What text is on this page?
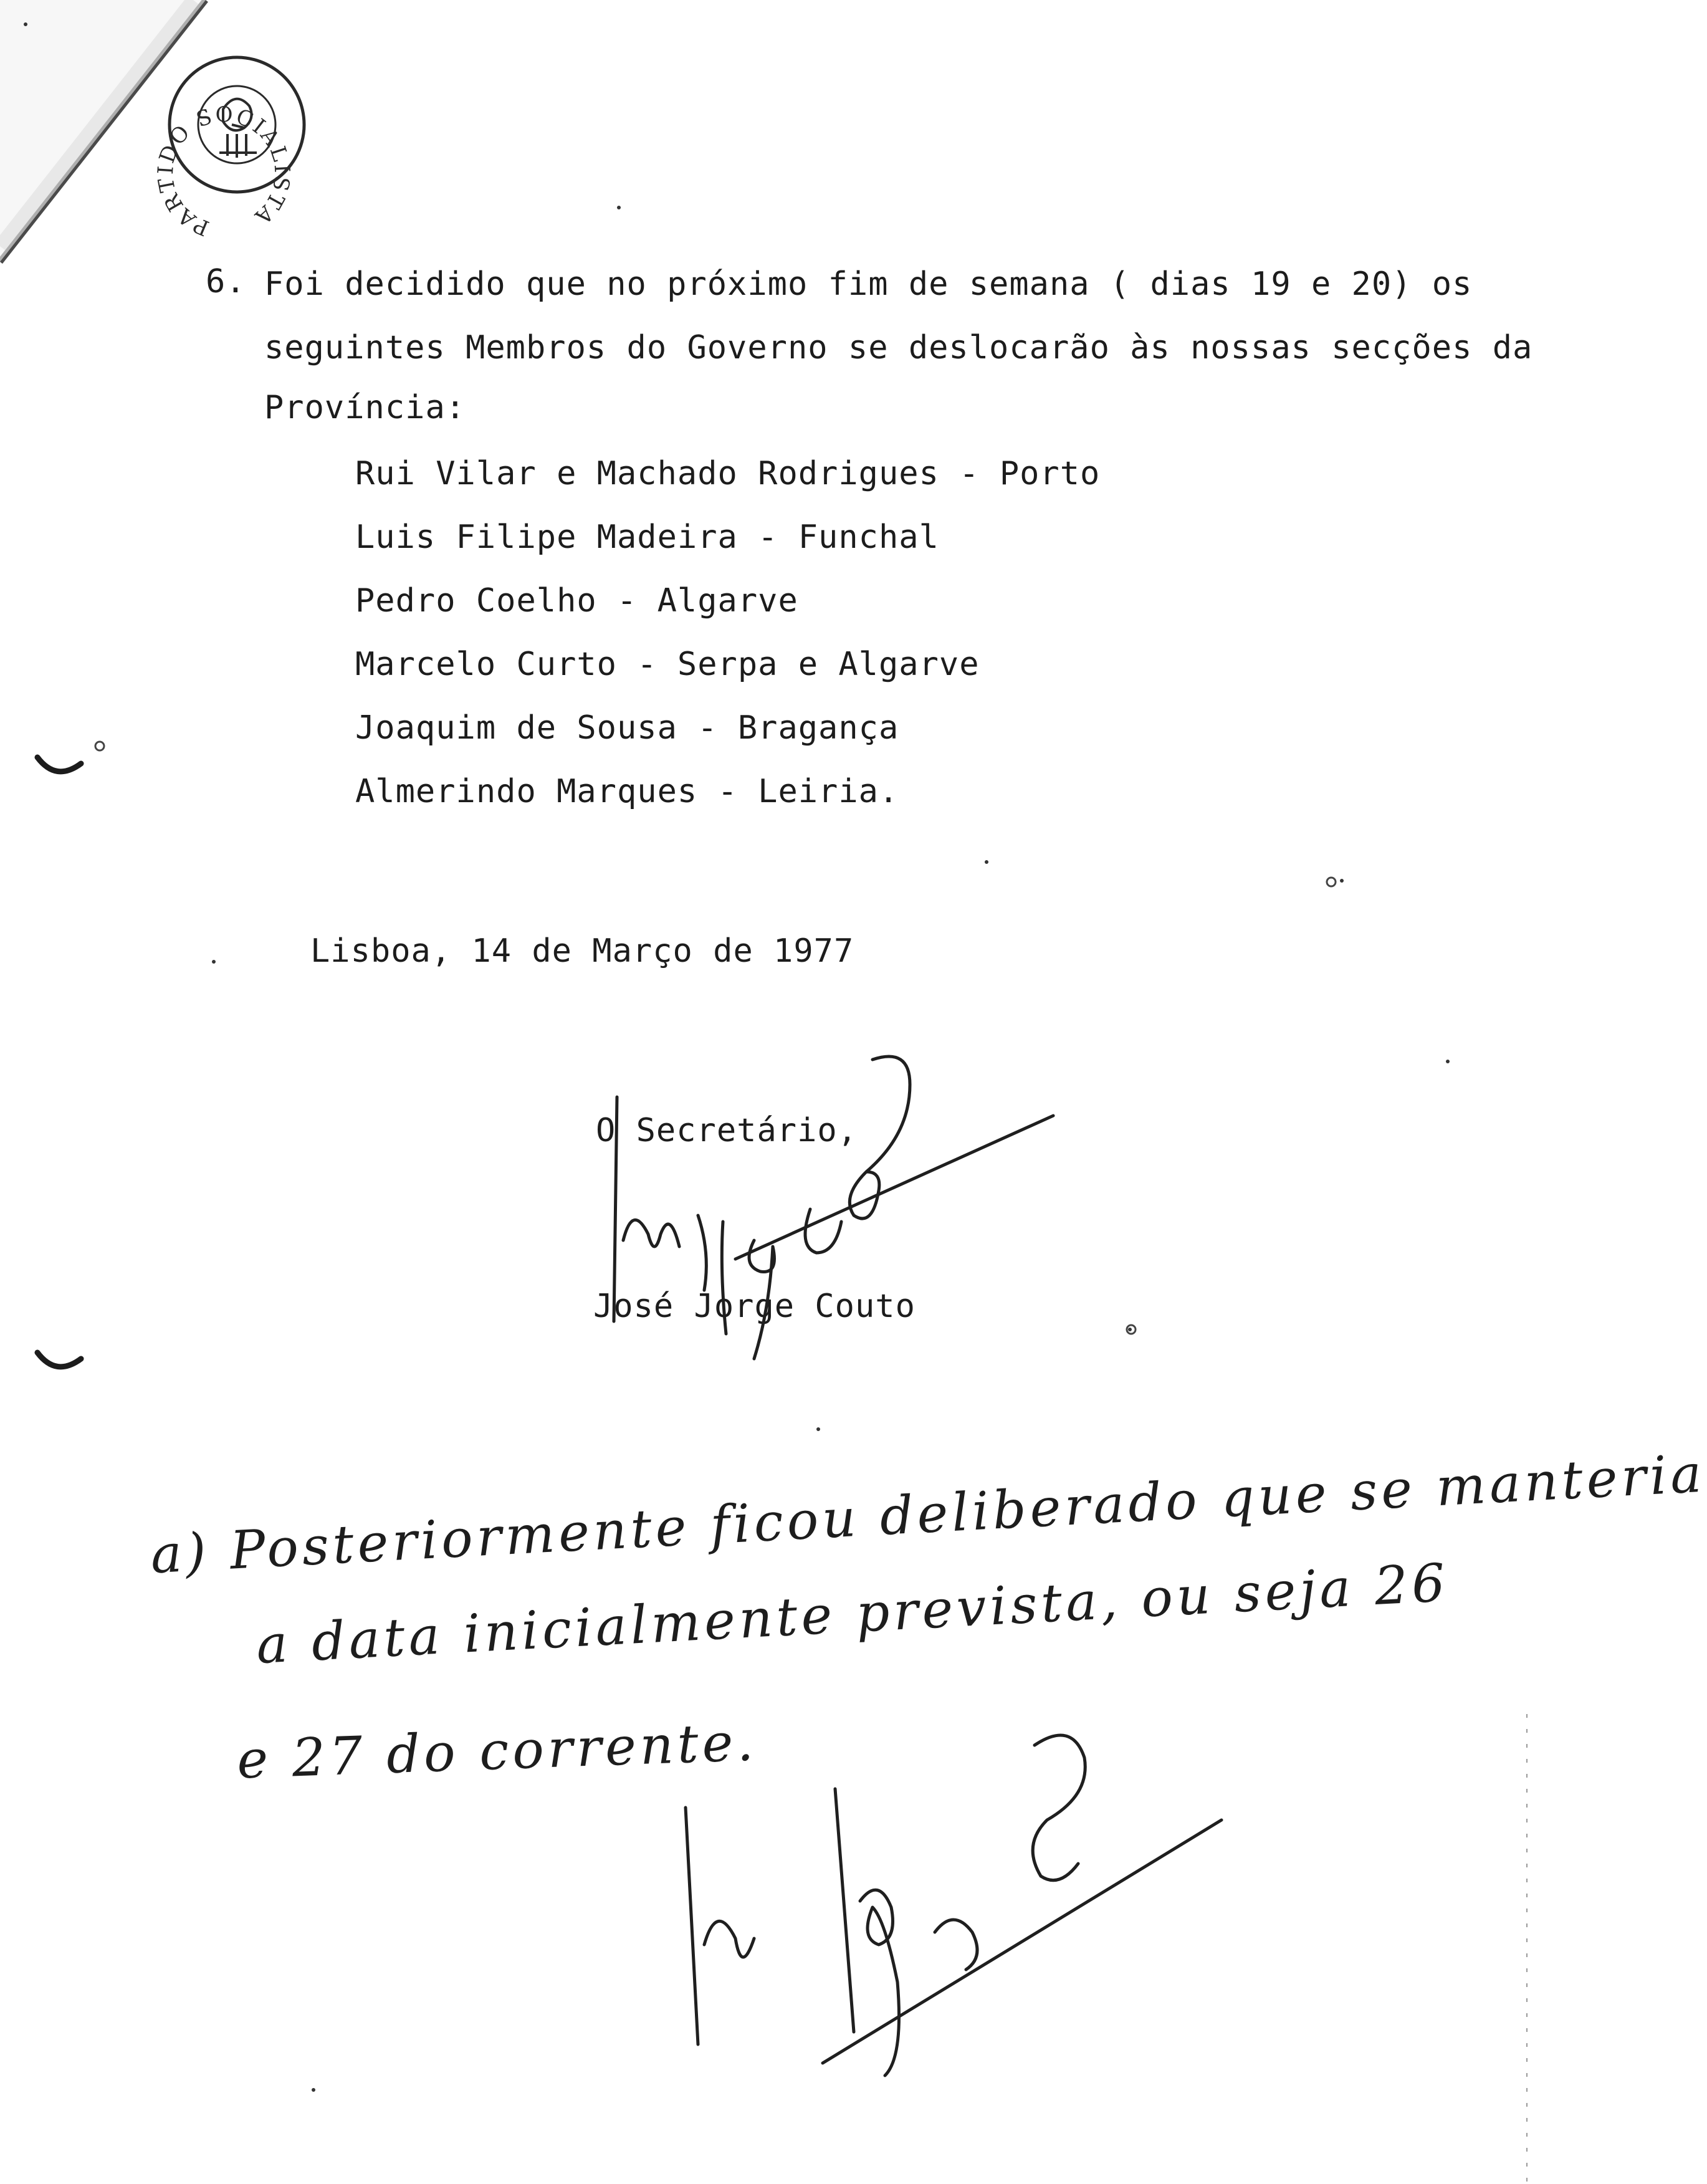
PARTIDO SOCIALISTA
6. Foi decidido que no próximo fim de semana ( dias 19 e 20) os
seguintes Membros do Governo se deslocarão às nossas secções da
Província:
Rui Vilar e Machado Rodrigues - Porto
Luis Filipe Madeira - Funchal
Pedro Coelho - Algarve
Marcelo Curto - Serpa e Algarve
Joaquim de Sousa - Bragança
Almerindo Marques - Leiria.
Lisboa, 14 de Março de 1977
O Secretário,
José Jorge Couto
a) Posteriormente ficou deliberado que se manteria
a data inicialmente prevista, ou seja 26
e 27 do corrente.
